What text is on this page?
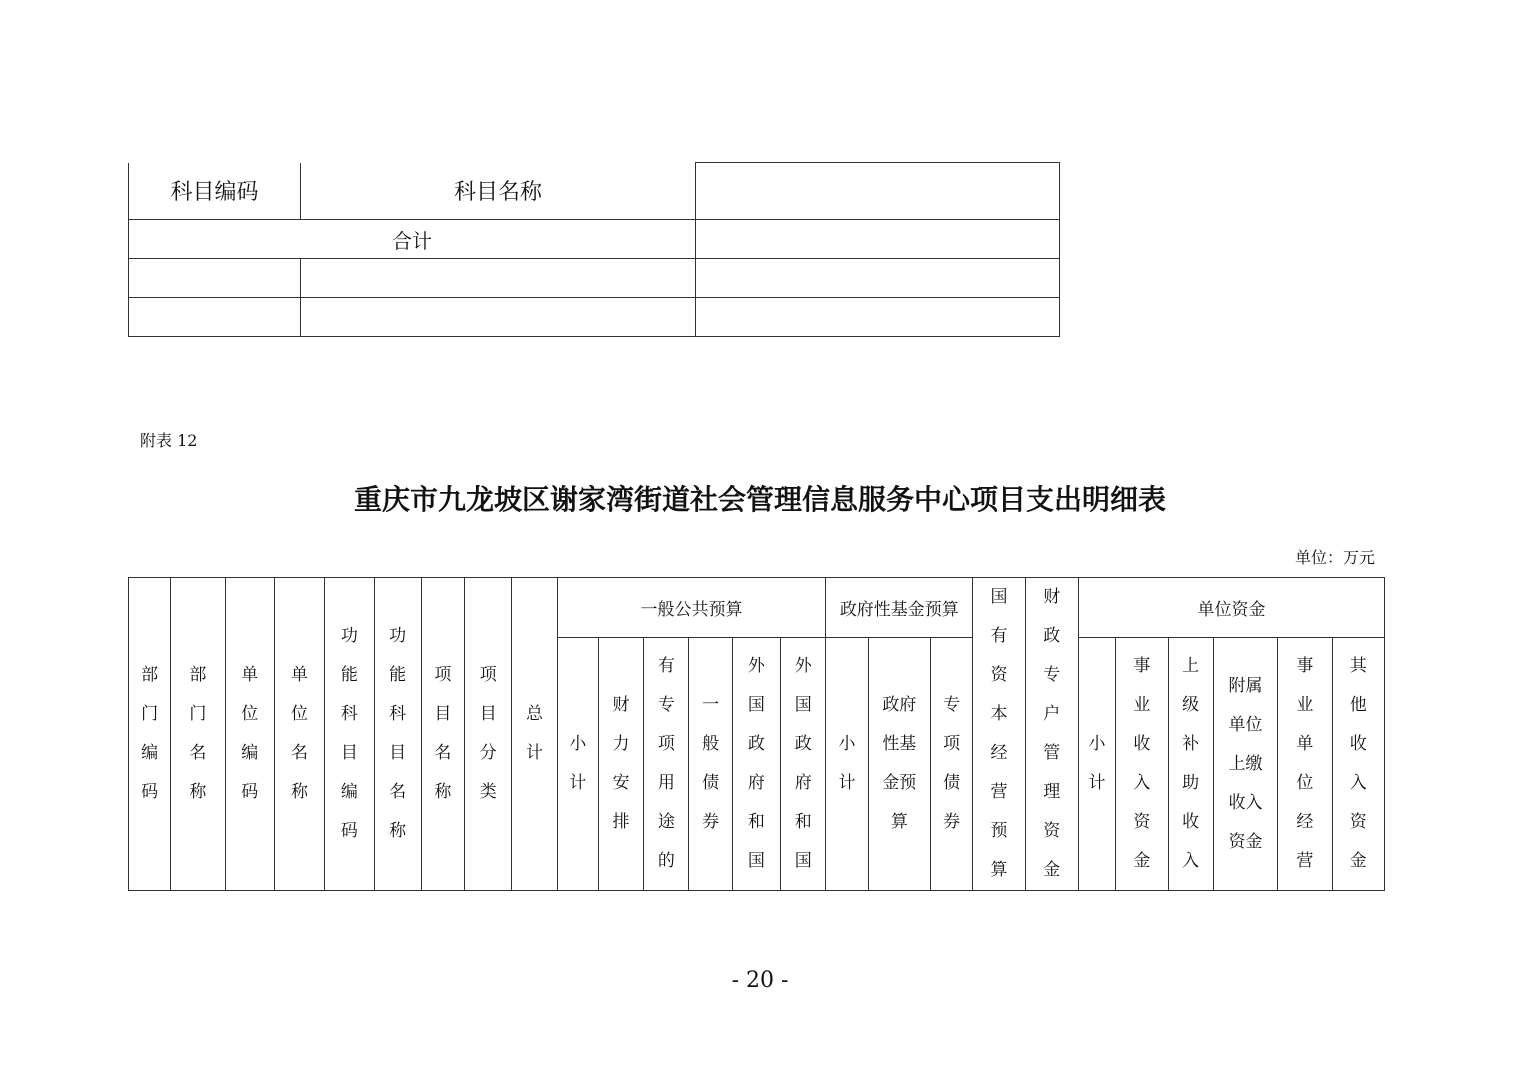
科目编码	科目名称	
合计		

附表 12
重庆市九龙坡区谢家湾街道社会管理信息服务中心项目支出明细表
单位：万元
部门编码	部门名称	单位编码	单位名称	功能科目编码	功能科目名称	项目名称	项目分类	总计	一般公共预算						政府性基金预算			国有资本经营预算	财政专户管理资金	单位资金					
									小计	财力安排	有专项用途的	一般债券	外国政府和国	外国政府和国	小计	政府性基金预算	专项债券			小计	事业收入资金	上级补助收入	附属单位上缴收入资金	事业单位经营	其他收入资金
- 20 -
